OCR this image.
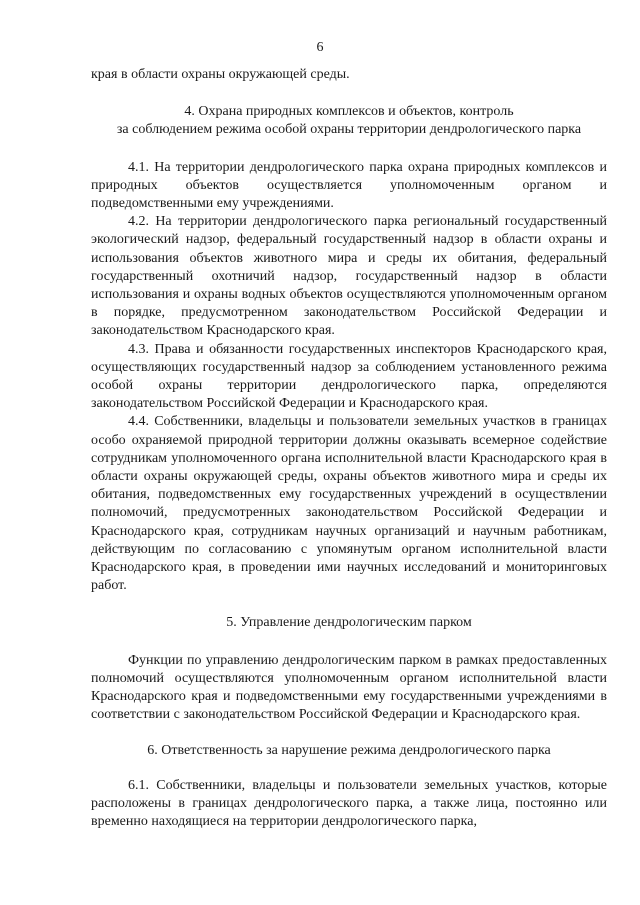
6

края в области охраны окружающей среды.

4. Охрана природных комплексов и объектов, контроль

за соблюдением режима особой охраны территории дендрологического парка

4.1. На территории дендрологического парка охрана природных комплексов и природных объектов осуществляется уполномоченным органом и подведомственными ему учреждениями.

4.2. На территории дендрологического парка региональный государственный экологический надзор, федеральный государственный надзор в области охраны и использования объектов животного мира и среды их обитания, федеральный государственный охотничий надзор, государственный надзор в области использования и охраны водных объектов осуществляются уполномоченным органом в порядке, предусмотренном законодательством Российской Федерации и законодательством Краснодарского края.

4.3. Права и обязанности государственных инспекторов Краснодарского края, осуществляющих государственный надзор за соблюдением установленного режима особой охраны территории дендрологического парка, определяются законодательством Российской Федерации и Краснодарского края.

4.4. Собственники, владельцы и пользователи земельных участков в границах особо охраняемой природной территории должны оказывать всемерное содействие сотрудникам уполномоченного органа исполнительной власти Краснодарского края в области охраны окружающей среды, охраны объектов животного мира и среды их обитания, подведомственных ему государственных учреждений в осуществлении полномочий, предусмотренных законодательством Российской Федерации и Краснодарского края, сотрудникам научных организаций и научным работникам, действующим по согласованию с упомянутым органом исполнительной власти Краснодарского края, в проведении ими научных исследований и мониторинговых работ.

5. Управление дендрологическим парком

Функции по управлению дендрологическим парком в рамках предоставленных полномочий осуществляются уполномоченным органом исполнительной власти Краснодарского края и подведомственными ему государственными учреждениями в соответствии с законодательством Российской Федерации и Краснодарского края.

6. Ответственность за нарушение режима дендрологического парка

6.1. Собственники, владельцы и пользователи земельных участков, которые расположены в границах дендрологического парка, а также лица, постоянно или временно находящиеся на территории дендрологического парка,
